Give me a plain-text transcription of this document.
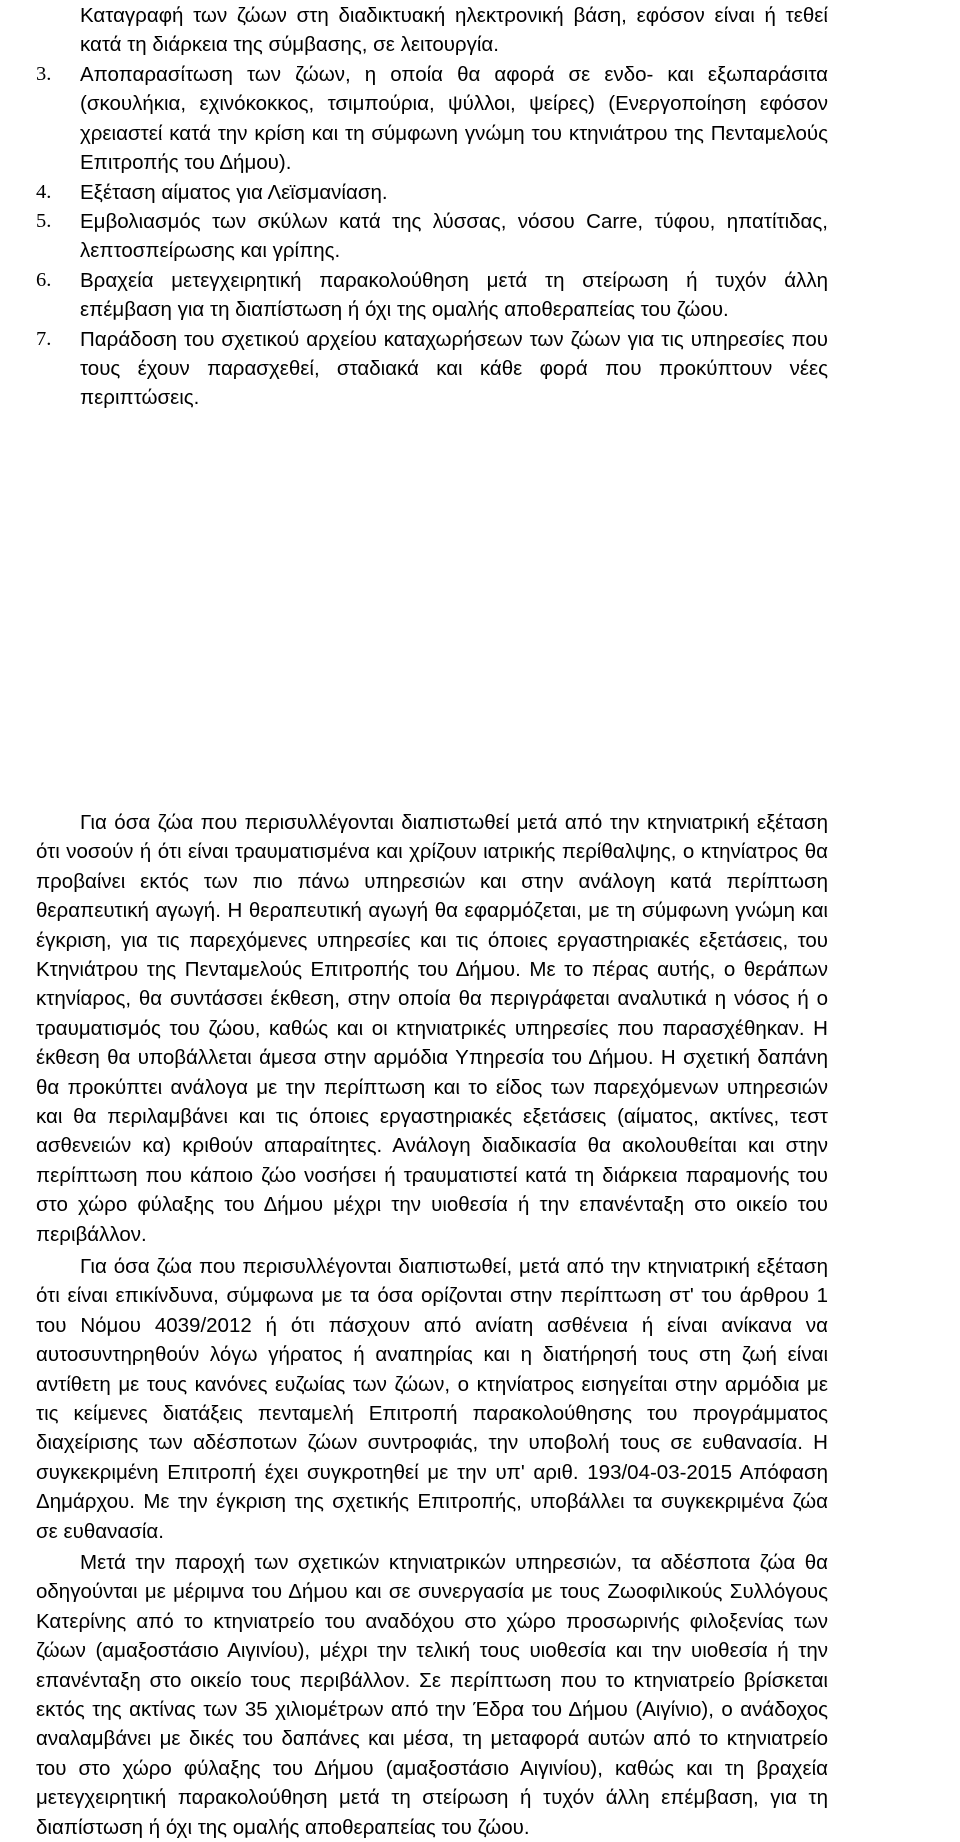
Καταγραφή των ζώων στη διαδικτυακή ηλεκτρονική βάση, εφόσον είναι ή τεθεί κατά τη διάρκεια της σύμβασης, σε λειτουργία.
3. Αποπαρασίτωση των ζώων, η οποία θα αφορά σε ενδο- και εξωπαράσιτα (σκουλήκια, εχινόκοκκος, τσιμπούρια, ψύλλοι, ψείρες) (Ενεργοποίηση εφόσον χρειαστεί κατά την κρίση και τη σύμφωνη γνώμη του κτηνιάτρου της Πενταμελούς Επιτροπής του Δήμου).
4. Εξέταση αίματος για Λεϊσμανίαση.
5. Εμβολιασμός των σκύλων κατά της λύσσας, νόσου Carre, τύφου, ηπατίτιδας, λεπτοσπείρωσης και γρίπης.
6. Βραχεία μετεγχειρητική παρακολούθηση μετά τη στείρωση ή τυχόν άλλη επέμβαση για τη διαπίστωση ή όχι της ομαλής αποθεραπείας του ζώου.
7. Παράδοση του σχετικού αρχείου καταχωρήσεων των ζώων για τις υπηρεσίες που τους έχουν παρασχεθεί, σταδιακά και κάθε φορά που προκύπτουν νέες περιπτώσεις.

Για όσα ζώα που περισυλλέγονται διαπιστωθεί μετά από την κτηνιατρική εξέταση ότι νοσούν ή ότι είναι τραυματισμένα και χρίζουν ιατρικής περίθαλψης, ο κτηνίατρος θα προβαίνει εκτός των πιο πάνω υπηρεσιών και στην ανάλογη κατά περίπτωση θεραπευτική αγωγή. Η θεραπευτική αγωγή θα εφαρμόζεται, με τη σύμφωνη γνώμη και έγκριση, για τις παρεχόμενες υπηρεσίες και τις όποιες εργαστηριακές εξετάσεις, του Κτηνιάτρου της Πενταμελούς Επιτροπής του Δήμου. Με το πέρας αυτής, ο θεράπων κτηνίαρος, θα συντάσσει έκθεση, στην οποία θα περιγράφεται αναλυτικά η νόσος ή ο τραυματισμός του ζώου, καθώς και οι κτηνιατρικές υπηρεσίες που παρασχέθηκαν. Η έκθεση θα υποβάλλεται άμεσα στην αρμόδια Υπηρεσία του Δήμου. Η σχετική δαπάνη θα προκύπτει ανάλογα με την περίπτωση και το είδος των παρεχόμενων υπηρεσιών και θα περιλαμβάνει και τις όποιες εργαστηριακές εξετάσεις (αίματος, ακτίνες, τεστ ασθενειών κα) κριθούν απαραίτητες. Ανάλογη διαδικασία θα ακολουθείται και στην περίπτωση που κάποιο ζώο νοσήσει ή τραυματιστεί κατά τη διάρκεια παραμονής του στο χώρο φύλαξης του Δήμου μέχρι την υιοθεσία ή την επανένταξη στο οικείο του περιβάλλον.

Για όσα ζώα που περισυλλέγονται διαπιστωθεί, μετά από την κτηνιατρική εξέταση ότι είναι επικίνδυνα, σύμφωνα με τα όσα ορίζονται στην περίπτωση στ' του άρθρου 1 του Νόμου 4039/2012 ή ότι πάσχουν από ανίατη ασθένεια ή είναι ανίκανα να αυτοσυντηρηθούν λόγω γήρατος ή αναπηρίας και η διατήρησή τους στη ζωή είναι αντίθετη με τους κανόνες ευζωίας των ζώων, ο κτηνίατρος εισηγείται στην αρμόδια με τις κείμενες διατάξεις πενταμελή Επιτροπή παρακολούθησης του προγράμματος διαχείρισης των αδέσποτων ζώων συντροφιάς, την υποβολή τους σε ευθανασία. Η συγκεκριμένη Επιτροπή έχει συγκροτηθεί με την υπ' αριθ. 193/04-03-2015 Απόφαση Δημάρχου. Με την έγκριση της σχετικής Επιτροπής, υποβάλλει τα συγκεκριμένα ζώα σε ευθανασία.

Μετά την παροχή των σχετικών κτηνιατρικών υπηρεσιών, τα αδέσποτα ζώα θα οδηγούνται με μέριμνα του Δήμου και σε συνεργασία με τους Ζωοφιλικούς Συλλόγους Κατερίνης από το κτηνιατρείο του αναδόχου στο χώρο προσωρινής φιλοξενίας των ζώων (αμαξοστάσιο Αιγινίου), μέχρι την τελική τους υιοθεσία και την υιοθεσία ή την επανένταξη στο οικείο τους περιβάλλον. Σε περίπτωση που το κτηνιατρείο βρίσκεται εκτός της ακτίνας των 35 χιλιομέτρων από την Έδρα του Δήμου (Αιγίνιο), ο ανάδοχος αναλαμβάνει με δικές του δαπάνες και μέσα, τη μεταφορά αυτών από το κτηνιατρείο του στο χώρο φύλαξης του Δήμου (αμαξοστάσιο Αιγινίου), καθώς και τη βραχεία μετεγχειρητική παρακολούθηση μετά τη στείρωση ή τυχόν άλλη επέμβαση, για τη διαπίστωση ή όχι της ομαλής αποθεραπείας του ζώου.
